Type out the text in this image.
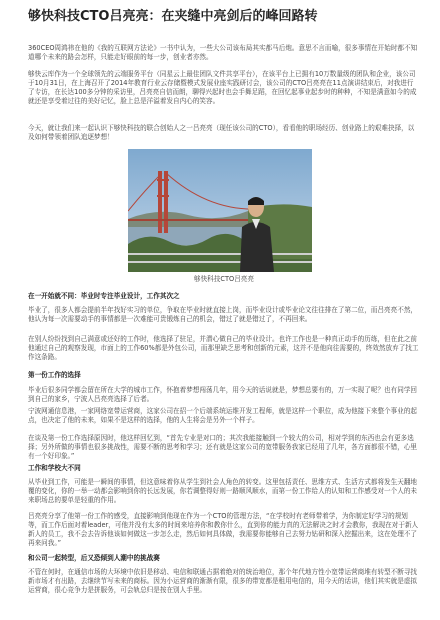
够快科技CTO吕亮亮：在夹缝中亮剑后的峰回路转
360CEO周鸿祎在他的《我的互联网方法论》一书中认为，一些大公司该布局其实都马后炮。意思不言而喻，很多事情在开始时都不知道哪个未来的路会怎样，只能走好眼前的每一步，创业者亦然。
够快云库作为一个全球领先的云端服务平台（同星云上最佳团队文件共享平台），在该平台上已拥有10万数量级的团队和企业，该公司于10月31日，在上海召开了2014年教育行业云存储暨模式发展业座实践研讨会，该公司的CTO吕亮亮在11点演讲结束后，对我进行了专访，在长达100多分钟的采访里，吕亮亮自信而朗，聊得兴起时也会手舞足蹈，在回忆起事业起步时的种种，不知是满意如今的成就还是享受着过往的美好记忆，脸上总是洋溢着发自内心的笑容。
今天，就让我们来一起认识下够快科技的联合创始人之一吕亮亮（现任该公司的CTO），看看他的职场经历、创业路上的艰难抉择，以及如何带领着团队追逐梦想！
够快科技CTO吕亮亮
在一开始就不同：毕业时专注毕业设计，工作其次之
毕业了，很多人都会提前半年找好实习的单位，争取在毕业时就直接上岗，而毕业设计或毕业论文往往排在了第二位，而吕亮亮不然，他认为每一次需要动手的事情都是一次难能可贵锻炼自己的机会，错过了就是错过了，不再回来。
在别人纷纷找到自己满意或还好的工作时，他选择了驻足，并潜心做自己的毕业设计。也许工作也是一种真正动手的历练，但在此之前他通过自己的观察发现，市面上的工作60%都是外包公司，而那里缺乏思考和创新的元素，这并不是他向往需要的，终效然放弃了找工作这条路。
第一份工作的选择
毕业后很多同学都会留在所在大学的城市工作，怀抱着梦想闯荡几年，用今天的话说就是，梦想总要有的，万一实现了呢？也有同学回到自己的家乡，宁波人吕亮亮选择了后者。
宁波网通信息港，一家网络宽带运营商，这家公司在招一个后端系统运维开发工程师，就是这样一个职位，成为他接下来整个事业的起点，也决定了他的未来，如果不是这样的选择，他的人生将会是另外一个样子。
在谈及第一份工作选择原因时，他这样回忆到，“首先专业是对口的；其次我能接触到一个较大的公司，相对学到的东西也会有更多选择；另外所做的事情也很多挑战性，需要不断的思考和学习；还有就是这家公司的宽带服务我家已经用了几年，各方面都很不错，心里有一个好印象。”
工作和学校大不同
从毕业到工作，可能是一瞬间的事情，但这意味着你从学生到社会人角色的转变。这里包括责任、思维方式、生活方式都将发生天翻地覆的变化，你的一举一动都会影响到你的长远发展，你若调整得好则一路顺风顺水，而第一份工作给人的认知和工作感受对一个人的未来职场总的要单是轻重的作用。
吕亮亮分享了他第一份工作的感受，直接影响到他现在作为一个CTO的管理方法，“在学校时有老师带着学，为你制定好学习的规划等，而工作后面对着leader，可他并没有太多的时间来培养你和教你什么，直到你的能力真的无法解决之时才会教你，我现在对于新人新人的员工，我不会去告诉他该如何做这一步怎么走，然后如何具体做，我需要你能够自己去努力钻研和深入挖掘出来，这在处理不了再来问我。”
和公司一起转型，后又恐倾到人潮中的挑战赛
不管在何时，在通信市场的大环境中依旧是移动、电信和联通占据着绝对的统治地位，那个年代地方性小宽带运营商堆有转型不断寻找新市场才有出路，去继续节写未来的商标。因为小运营商的渐渐有限，很多的带宽都是租用电信的，用今天的话讲，他们其实就是虚拟运营商，很心竞争力是拼服务，可会轨总归是按在别人手里。
